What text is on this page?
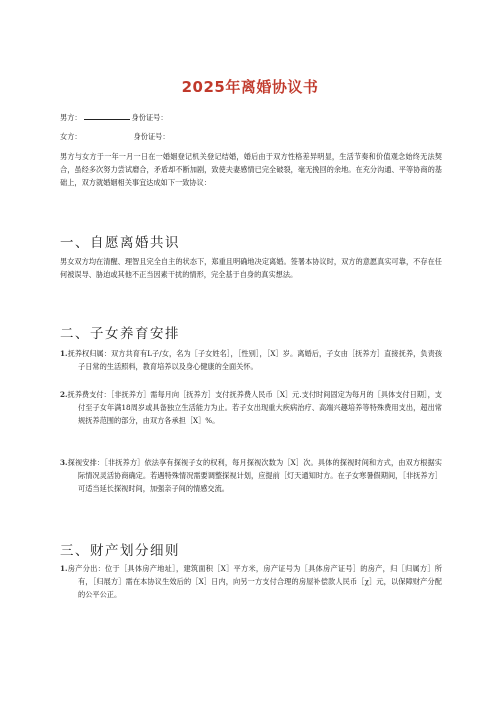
2025年离婚协议书
男方：	身份证号：
女方：	身份证号：
男方与女方于一年一月一日在一婚姻登记机关登记结婚，婚后由于双方性格差异明显，生活节奏和价值观念始终无法契合，虽经多次努力尝试磨合，矛盾却不断加剧，致使夫妻感情已完全破裂，毫无挽回的余地。在充分沟通、平等协商的基础上，双方就婚姻相关事宜达成如下一致协议：
一、自愿离婚共识
男女双方均在清醒、理智且完全自主的状态下，郑重且明确地决定离婚。签署本协议时，双方的意愿真实可靠，不存在任何被误导、胁迫或其他不正当因素干扰的情形，完全基于自身的真实想法。
二、子女养育安排
1.抚养权归属：双方共育有L子/女，名为［子女姓名］，［性别］，［X］岁。离婚后，子女由［抚养方］直接抚养，负责孩子日常的生活照料，教育培养以及身心健康的全面关怀。
2.抚养费支付：［非抚养方］需每月向［抚养方］支付抚养费人民币［X］元.支付时间固定为每月的［具体支付日期］，支付至子女年满18周岁或具备独立生活能力为止。若子女出现重大疾病治疗、高端兴趣培养等特殊费用支出，超出常规抚养范围的部分，由双方各承担［X］%。
3.探视安排：［非抚养方］依法享有探视子女的权利，每月探视次数为［X］次。具体的探视时间和方式，由双方根据实际情况灵活协商确定。若遇特殊情况需要调整探视计划，应提前［灯天通知时方。在子女寒暑假期间，［非抚养方］可适当延长探视时间，加强亲子间的情感交流。
三、财产划分细则
1.房产分出：位于［具体房产地址］，建筑面积［X］平方米，房产证号为［具体房产证号］的房产，归［归属方］所有，［归展方］需在本协议生效后的［X］日内，向另一方支付合理的房屋补偿款人民币［χ］元，以保障财产分配的公平公正。
